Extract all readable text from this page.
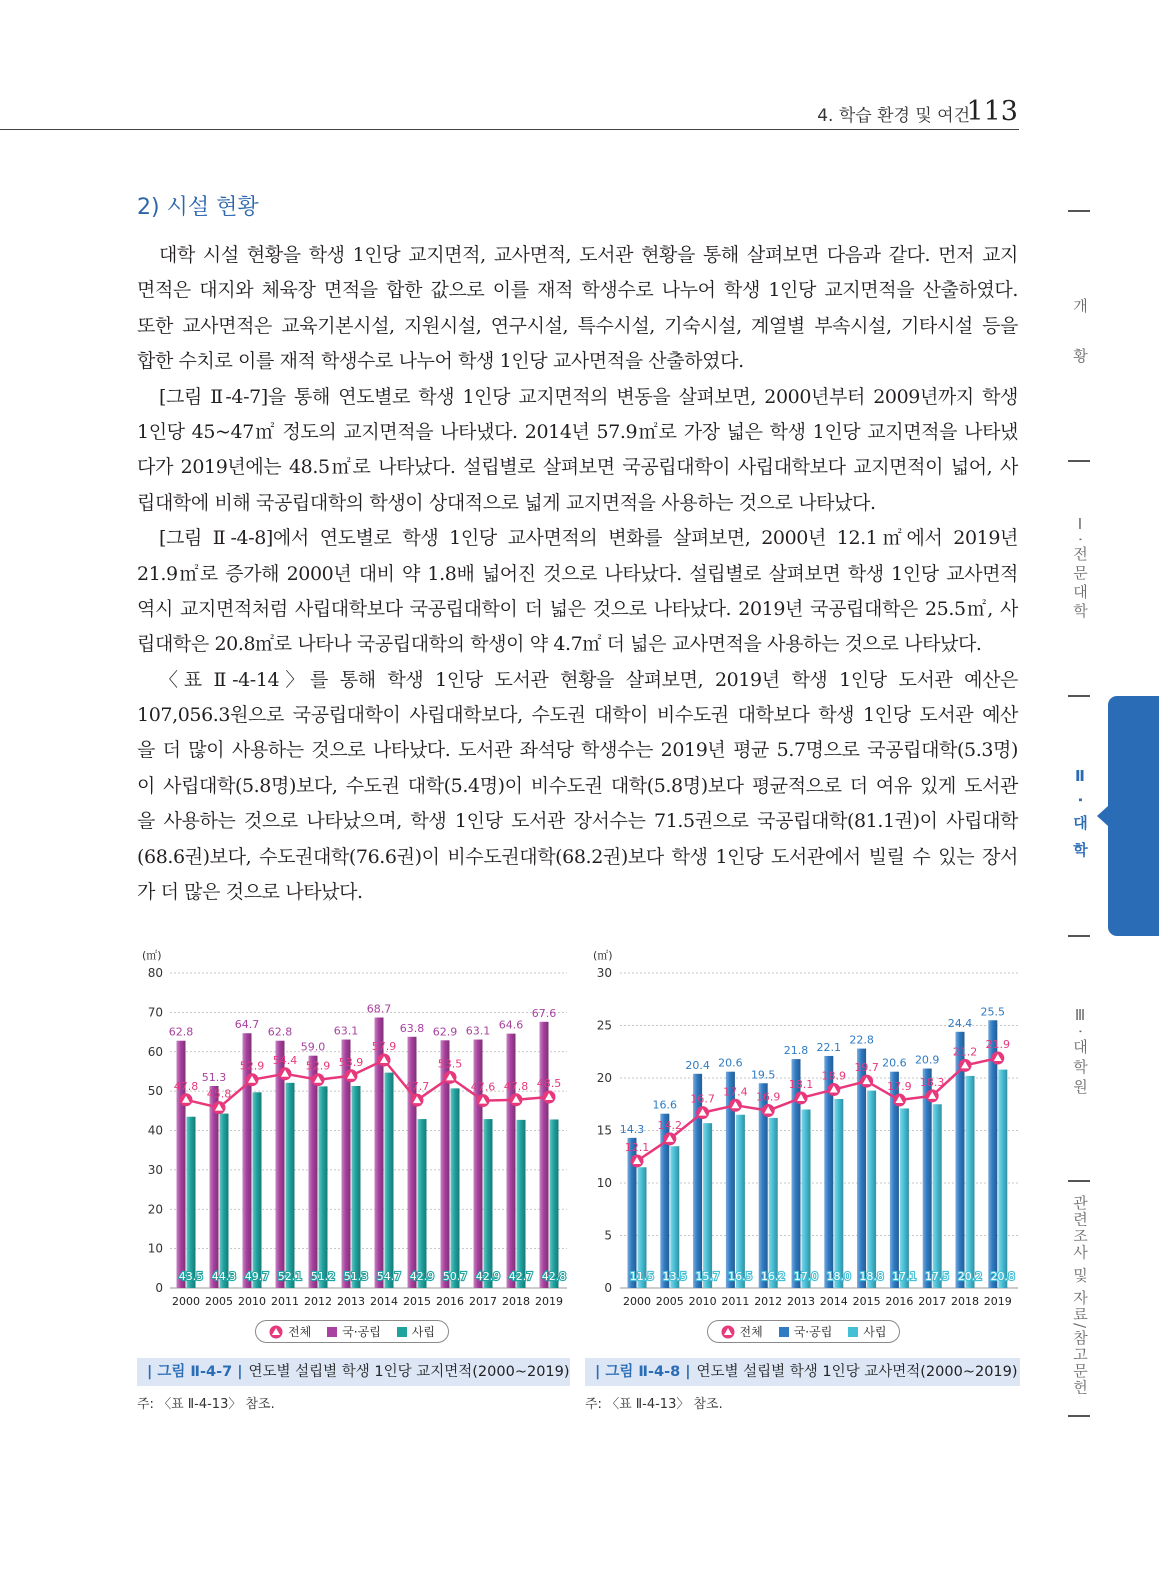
4. 학습 환경 및 여건
113
2) 시설 현황
대학 시설 현황을 학생 1인당 교지면적, 교사면적, 도서관 현황을 통해 살펴보면 다음과 같다. 먼저 교지
면적은 대지와 체육장 면적을 합한 값으로 이를 재적 학생수로 나누어 학생 1인당 교지면적을 산출하였다.
또한 교사면적은 교육기본시설, 지원시설, 연구시설, 특수시설, 기숙시설, 계열별 부속시설, 기타시설 등을
합한 수치로 이를 재적 학생수로 나누어 학생 1인당 교사면적을 산출하였다.
[그림 Ⅱ-4-7]을 통해 연도별로 학생 1인당 교지면적의 변동을 살펴보면, 2000년부터 2009년까지 학생
1인당 45~47㎡ 정도의 교지면적을 나타냈다. 2014년 57.9㎡로 가장 넓은 학생 1인당 교지면적을 나타냈
다가 2019년에는 48.5㎡로 나타났다. 설립별로 살펴보면 국공립대학이 사립대학보다 교지면적이 넓어, 사
립대학에 비해 국공립대학의 학생이 상대적으로 넓게 교지면적을 사용하는 것으로 나타났다.
[그림 Ⅱ-4-8]에서 연도별로 학생 1인당 교사면적의 변화를 살펴보면, 2000년 12.1㎡에서 2019년
21.9㎡로 증가해 2000년 대비 약 1.8배 넓어진 것으로 나타났다. 설립별로 살펴보면 학생 1인당 교사면적
역시 교지면적처럼 사립대학보다 국공립대학이 더 넓은 것으로 나타났다. 2019년 국공립대학은 25.5㎡, 사
립대학은 20.8㎡로 나타나 국공립대학의 학생이 약 4.7㎡ 더 넓은 교사면적을 사용하는 것으로 나타났다.
〈표 Ⅱ-4-14〉를 통해 학생 1인당 도서관 현황을 살펴보면, 2019년 학생 1인당 도서관 예산은
107,056.3원으로 국공립대학이 사립대학보다, 수도권 대학이 비수도권 대학보다 학생 1인당 도서관 예산
을 더 많이 사용하는 것으로 나타났다. 도서관 좌석당 학생수는 2019년 평균 5.7명으로 국공립대학(5.3명)
이 사립대학(5.8명)보다, 수도권 대학(5.4명)이 비수도권 대학(5.8명)보다 평균적으로 더 여유 있게 도서관
을 사용하는 것으로 나타났으며, 학생 1인당 도서관 장서수는 71.5권으로 국공립대학(81.1권)이 사립대학
(68.6권)보다, 수도권대학(76.6권)이 비수도권대학(68.2권)보다 학생 1인당 도서관에서 빌릴 수 있는 장서
가 더 많은 것으로 나타났다.
개황
Ⅰ·전문대학
Ⅱ·대학
Ⅲ·대학원
관련조사 및 자료/참고문헌
(㎡)
0
10
20
30
40
50
60
70
80
2000 2005 2010 2011 2012 2013 2014 2015 2016 2017 2018 2019
62.8
51.3
64.7
62.8
59.0
63.1
68.7
63.8 62.9 63.1 64.6
67.6
43.5 44.3 49.7 52.1 51.2 51.3 54.7 42.9 50.7 42.9 42.7 42.8
47.8
45.8
52.9 54.4 52.9 53.9
57.9
47.7
53.5
47.6 47.8 48.5
(㎡)
0
5
10
15
20
25
30
2000 2005 2010 2011 2012 2013 2014 2015 2016 2017 2018 2019
14.3
16.6
20.4 20.6
19.5
21.8 22.1
22.8
20.6 20.9
24.4
25.5
11.5 13.5 15.7 16.5 16.2 17.0 18.0 18.8 17.1 17.5 20.2 20.8
12.1
14.2
16.7
17.4 16.9
18.1
18.9
19.7
17.9 18.3
21.2
21.9
전체	국·공립	사립	전체	국·공립	사립
| 그림 Ⅱ-4-7 | 연도별 설립별 학생 1인당 교지면적(2000~2019)	| 그림 Ⅱ-4-8 | 연도별 설립별 학생 1인당 교사면적(2000~2019)
주: 〈표 Ⅱ-4-13〉 참조.	주: 〈표 Ⅱ-4-13〉 참조.
